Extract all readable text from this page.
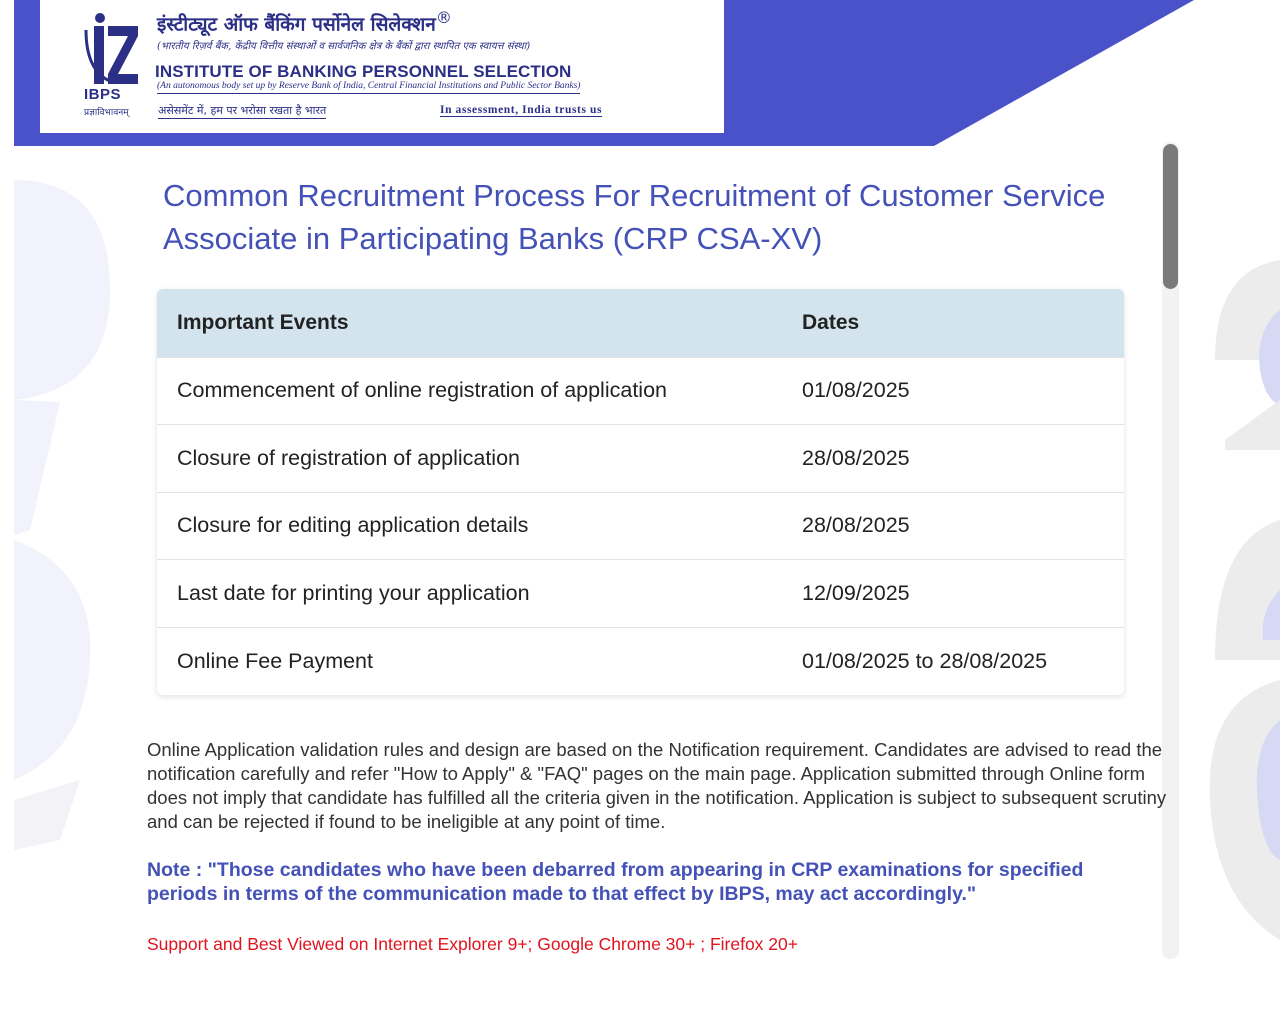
IBPS
प्रज्ञाविभावनम्
इंस्टीट्यूट ऑफ बैंकिंग पर्सोनेल सिलेक्शन®
(भारतीय रिज़र्व बैंक, केंद्रीय वित्तीय संस्थाओं व सार्वजनिक क्षेत्र के बैंकों द्वारा स्थापित एक स्वायत्त संस्था)
INSTITUTE OF BANKING PERSONNEL SELECTION
(An autonomous body set up by Reserve Bank of India, Central Financial Institutions and Public Sector Banks)
असेसमेंट में, हम पर भरोसा रखता है भारत	In assessment, India trusts us
Common Recruitment Process For Recruitment of Customer Service Associate in Participating Banks (CRP CSA-XV)
Important Events	Dates
Commencement of online registration of application	01/08/2025
Closure of registration of application	28/08/2025
Closure for editing application details	28/08/2025
Last date for printing your application	12/09/2025
Online Fee Payment	01/08/2025 to 28/08/2025

Online Application validation rules and design are based on the Notification requirement. Candidates are advised to read the notification carefully and refer "How to Apply" & "FAQ" pages on the main page. Application submitted through Online form does not imply that candidate has fulfilled all the criteria given in the notification. Application is subject to subsequent scrutiny and can be rejected if found to be ineligible at any point of time.

Note : "Those candidates who have been debarred from appearing in CRP examinations for specified periods in terms of the communication made to that effect by IBPS, may act accordingly."

Support and Best Viewed on Internet Explorer 9+; Google Chrome 30+ ; Firefox 20+
